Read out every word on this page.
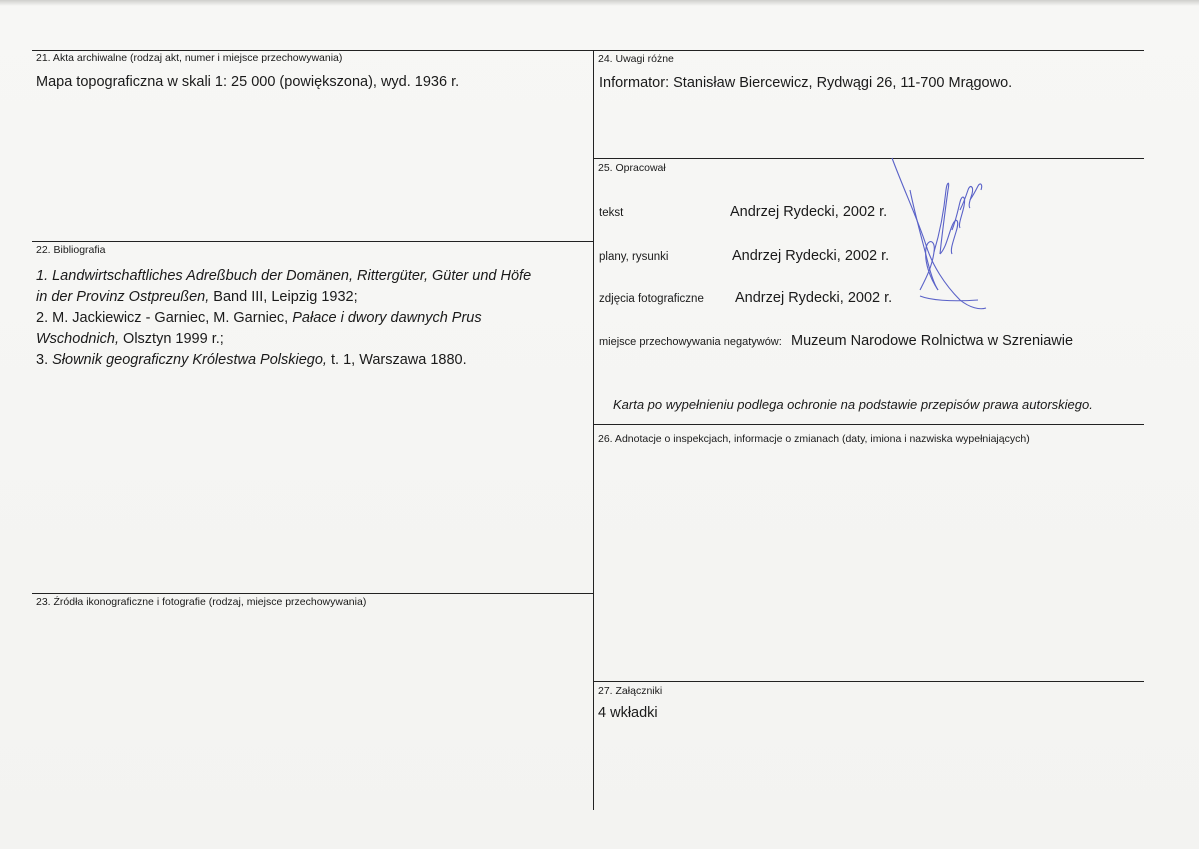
21. Akta archiwalne (rodzaj akt, numer i miejsce przechowywania)
Mapa topograficzna w skali 1: 25 000 (powiększona), wyd. 1936 r.
22. Bibliografia
1. Landwirtschaftliches Adreßbuch der Domänen, Rittergüter, Güter und Höfe
in der Provinz Ostpreußen, Band III, Leipzig 1932;
2. M. Jackiewicz - Garniec, M. Garniec, Pałace i dwory dawnych Prus
Wschodnich, Olsztyn 1999 r.;
3. Słownik geograficzny Królestwa Polskiego, t. 1, Warszawa 1880.
23. Źródła ikonograficzne i fotografie (rodzaj, miejsce przechowywania)
24. Uwagi różne
Informator: Stanisław Biercewicz, Rydwągi 26, 11-700 Mrągowo.
25. Opracował
tekst	Andrzej Rydecki, 2002 r.
plany, rysunki	Andrzej Rydecki, 2002 r.
zdjęcia fotograficzne Andrzej Rydecki, 2002 r.
miejsce przechowywania negatywów: Muzeum Narodowe Rolnictwa w Szreniawie
Karta po wypełnieniu podlega ochronie na podstawie przepisów prawa autorskiego.
26. Adnotacje o inspekcjach, informacje o zmianach (daty, imiona i nazwiska wypełniających)
27. Załączniki
4 wkładki
